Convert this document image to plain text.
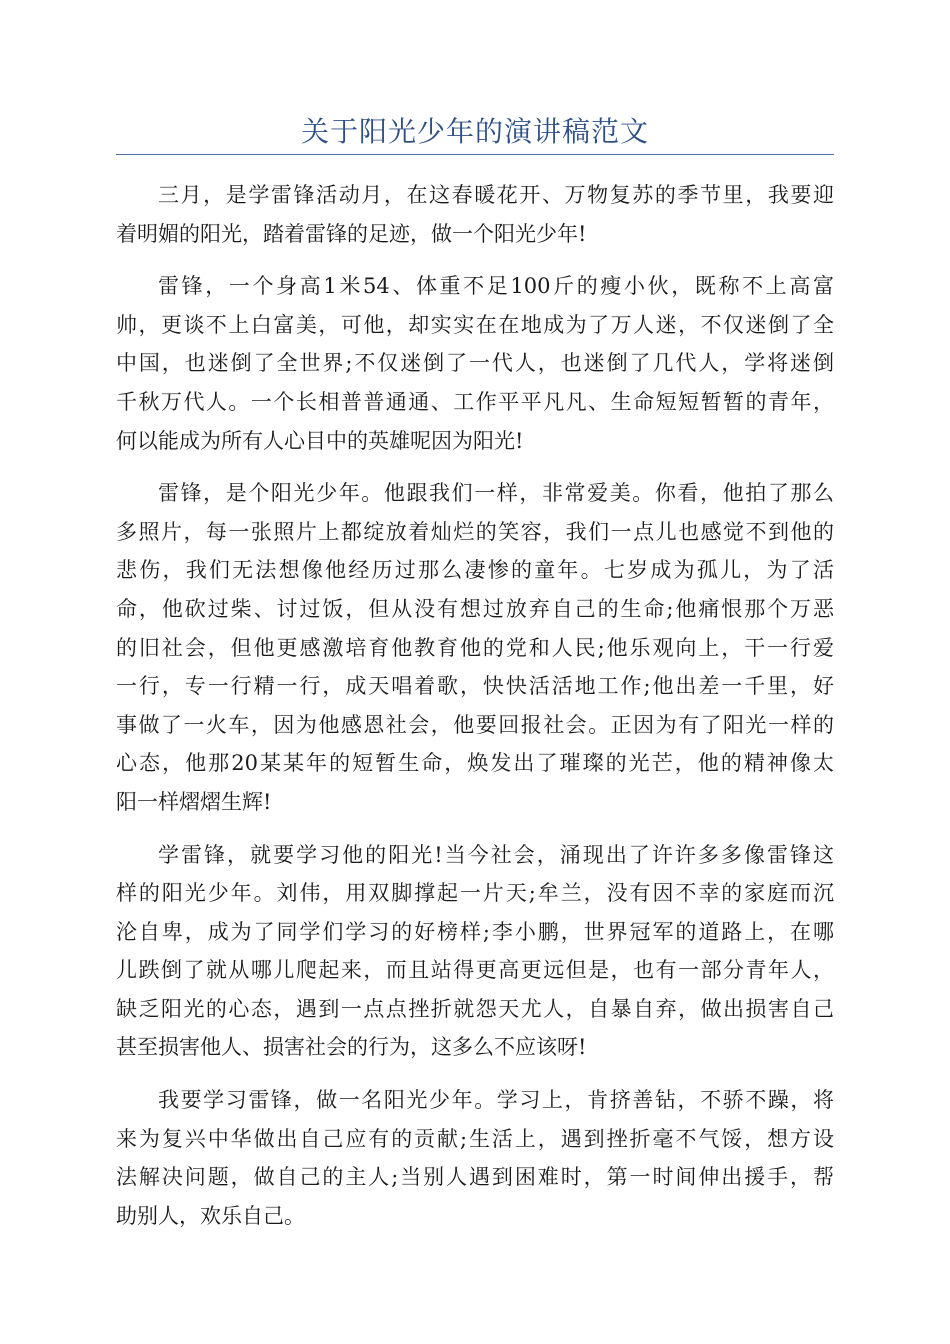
关于阳光少年的演讲稿范文
三月，是学雷锋活动月，在这春暖花开、万物复苏的季节里，我要迎
着明媚的阳光，踏着雷锋的足迹，做一个阳光少年!
雷锋，一个身高1米54、体重不足100斤的瘦小伙，既称不上高富
帅，更谈不上白富美，可他，却实实在在地成为了万人迷，不仅迷倒了全
中国，也迷倒了全世界;不仅迷倒了一代人，也迷倒了几代人，学将迷倒
千秋万代人。一个长相普普通通、工作平平凡凡、生命短短暂暂的青年，
何以能成为所有人心目中的英雄呢因为阳光!
雷锋，是个阳光少年。他跟我们一样，非常爱美。你看，他拍了那么
多照片，每一张照片上都绽放着灿烂的笑容，我们一点儿也感觉不到他的
悲伤，我们无法想像他经历过那么凄惨的童年。七岁成为孤儿，为了活
命，他砍过柴、讨过饭，但从没有想过放弃自己的生命;他痛恨那个万恶
的旧社会，但他更感激培育他教育他的党和人民;他乐观向上，干一行爱
一行，专一行精一行，成天唱着歌，快快活活地工作;他出差一千里，好
事做了一火车，因为他感恩社会，他要回报社会。正因为有了阳光一样的
心态，他那20某某年的短暂生命，焕发出了璀璨的光芒，他的精神像太
阳一样熠熠生辉!
学雷锋，就要学习他的阳光!当今社会，涌现出了许许多多像雷锋这
样的阳光少年。刘伟，用双脚撑起一片天;牟兰，没有因不幸的家庭而沉
沦自卑，成为了同学们学习的好榜样;李小鹏，世界冠军的道路上，在哪
儿跌倒了就从哪儿爬起来，而且站得更高更远但是，也有一部分青年人，
缺乏阳光的心态，遇到一点点挫折就怨天尤人，自暴自弃，做出损害自己
甚至损害他人、损害社会的行为，这多么不应该呀!
我要学习雷锋，做一名阳光少年。学习上，肯挤善钻，不骄不躁，将
来为复兴中华做出自己应有的贡献;生活上，遇到挫折毫不气馁，想方设
法解决问题，做自己的主人;当别人遇到困难时，第一时间伸出援手，帮
助别人，欢乐自己。
